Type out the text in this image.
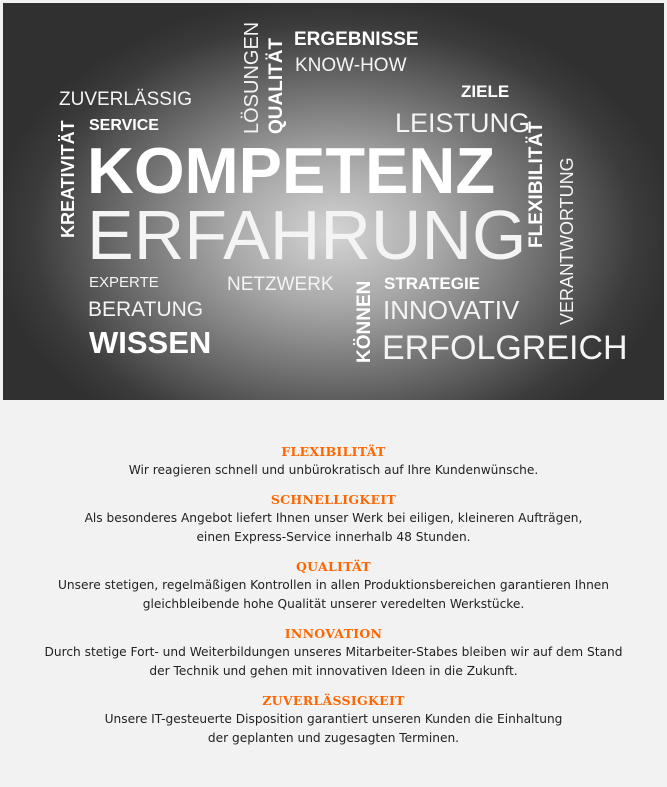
ERGEBNISSE
KNOW-HOW
ZUVERLÄSSIG
SERVICE	LÖSUNGEN QUALITÄT	ZIELE
LEISTUNG
KREATIVITÄT KOMPETENZ
ERFAHRUNG FLEXIBILITÄT VERANTWORTUNG
EXPERTE
BERATUNG
WISSEN
NETZWERK KÖNNEN STRATEGIE
INNOVATIV
ERFOLGREICH
FLEXIBILITÄT

Wir reagieren schnell und unbürokratisch auf Ihre Kundenwünsche.

SCHNELLIGKEIT

Als besonderes Angebot liefert Ihnen unser Werk bei eiligen, kleineren Aufträgen,

einen Express-Service innerhalb 48 Stunden.

QUALITÄT

Unsere stetigen, regelmäßigen Kontrollen in allen Produktionsbereichen garantieren Ihnen

gleichbleibende hohe Qualität unserer veredelten Werkstücke.

INNOVATION

Durch stetige Fort- und Weiterbildungen unseres Mitarbeiter-Stabes bleiben wir auf dem Stand

der Technik und gehen mit innovativen Ideen in die Zukunft.

ZUVERLÄSSIGKEIT

Unsere IT-gesteuerte Disposition garantiert unseren Kunden die Einhaltung

der geplanten und zugesagten Terminen.
